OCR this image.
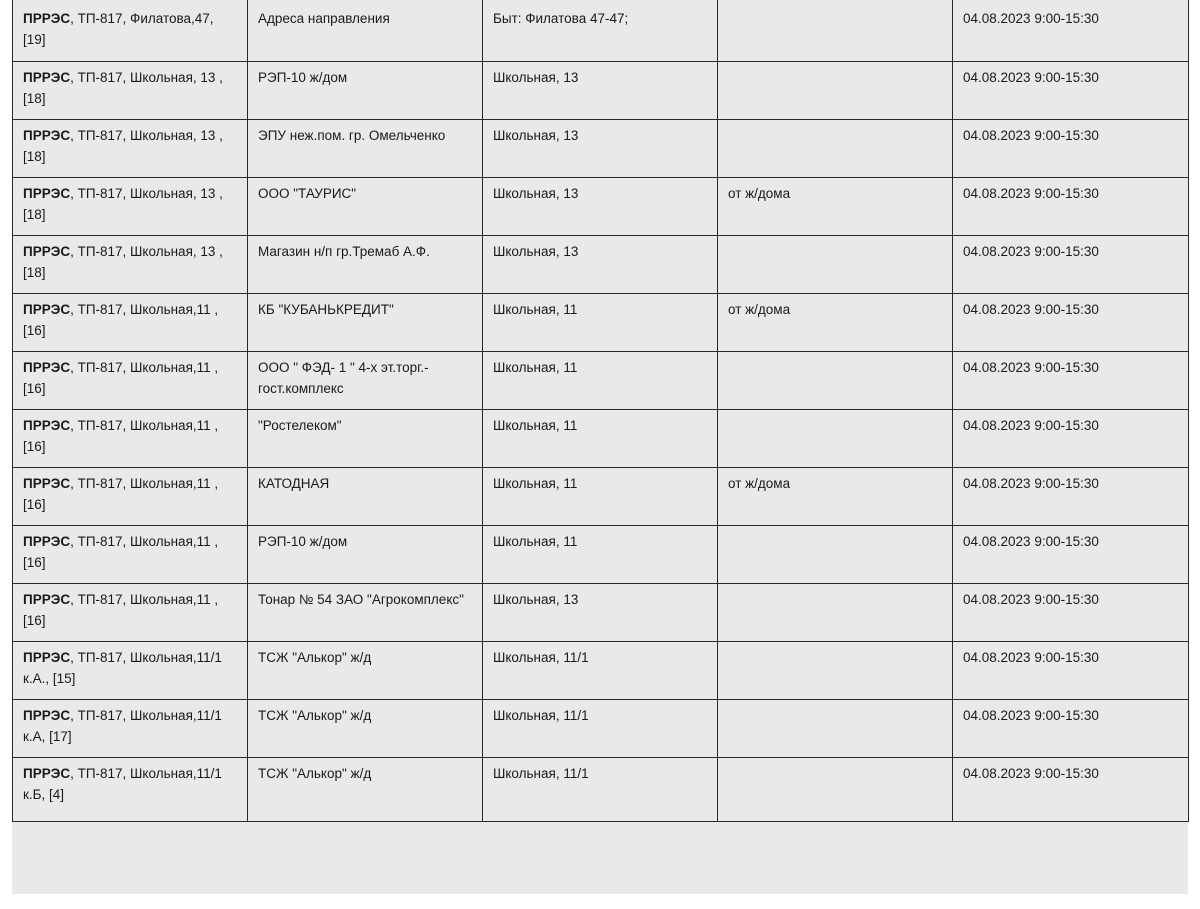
ПРРЭС, ТП-817, Филатова,47, [19]	Адреса направления	Быт: Филатова 47-47;		04.08.2023 9:00-15:30
ПРРЭС, ТП-817, Школьная, 13 , [18]	РЭП-10 ж/дом	Школьная, 13		04.08.2023 9:00-15:30
ПРРЭС, ТП-817, Школьная, 13 , [18]	ЭПУ неж.пом. гр. Омельченко	Школьная, 13		04.08.2023 9:00-15:30
ПРРЭС, ТП-817, Школьная, 13 , [18]	ООО "ТАУРИС"	Школьная, 13	от ж/дома	04.08.2023 9:00-15:30
ПРРЭС, ТП-817, Школьная, 13 , [18]	Магазин н/п гр.Тремаб А.Ф.	Школьная, 13		04.08.2023 9:00-15:30
ПРРЭС, ТП-817, Школьная,11 , [16]	КБ "КУБАНЬКРЕДИТ"	Школьная, 11	от ж/дома	04.08.2023 9:00-15:30
ПРРЭС, ТП-817, Школьная,11 , [16]	ООО " ФЭД- 1 " 4-х эт.торг.-гост.комплекс	Школьная, 11		04.08.2023 9:00-15:30
ПРРЭС, ТП-817, Школьная,11 , [16]	"Ростелеком"	Школьная, 11		04.08.2023 9:00-15:30
ПРРЭС, ТП-817, Школьная,11 , [16]	КАТОДНАЯ	Школьная, 11	от ж/дома	04.08.2023 9:00-15:30
ПРРЭС, ТП-817, Школьная,11 , [16]	РЭП-10 ж/дом	Школьная, 11		04.08.2023 9:00-15:30
ПРРЭС, ТП-817, Школьная,11 , [16]	Тонар № 54 ЗАО "Агрокомплекс"	Школьная, 13		04.08.2023 9:00-15:30
ПРРЭС, ТП-817, Школьная,11/1 к.А., [15]	ТСЖ "Алькор" ж/д	Школьная, 11/1		04.08.2023 9:00-15:30
ПРРЭС, ТП-817, Школьная,11/1 к.А, [17]	ТСЖ "Алькор" ж/д	Школьная, 11/1		04.08.2023 9:00-15:30
ПРРЭС, ТП-817, Школьная,11/1 к.Б, [4]	ТСЖ "Алькор" ж/д	Школьная, 11/1		04.08.2023 9:00-15:30
